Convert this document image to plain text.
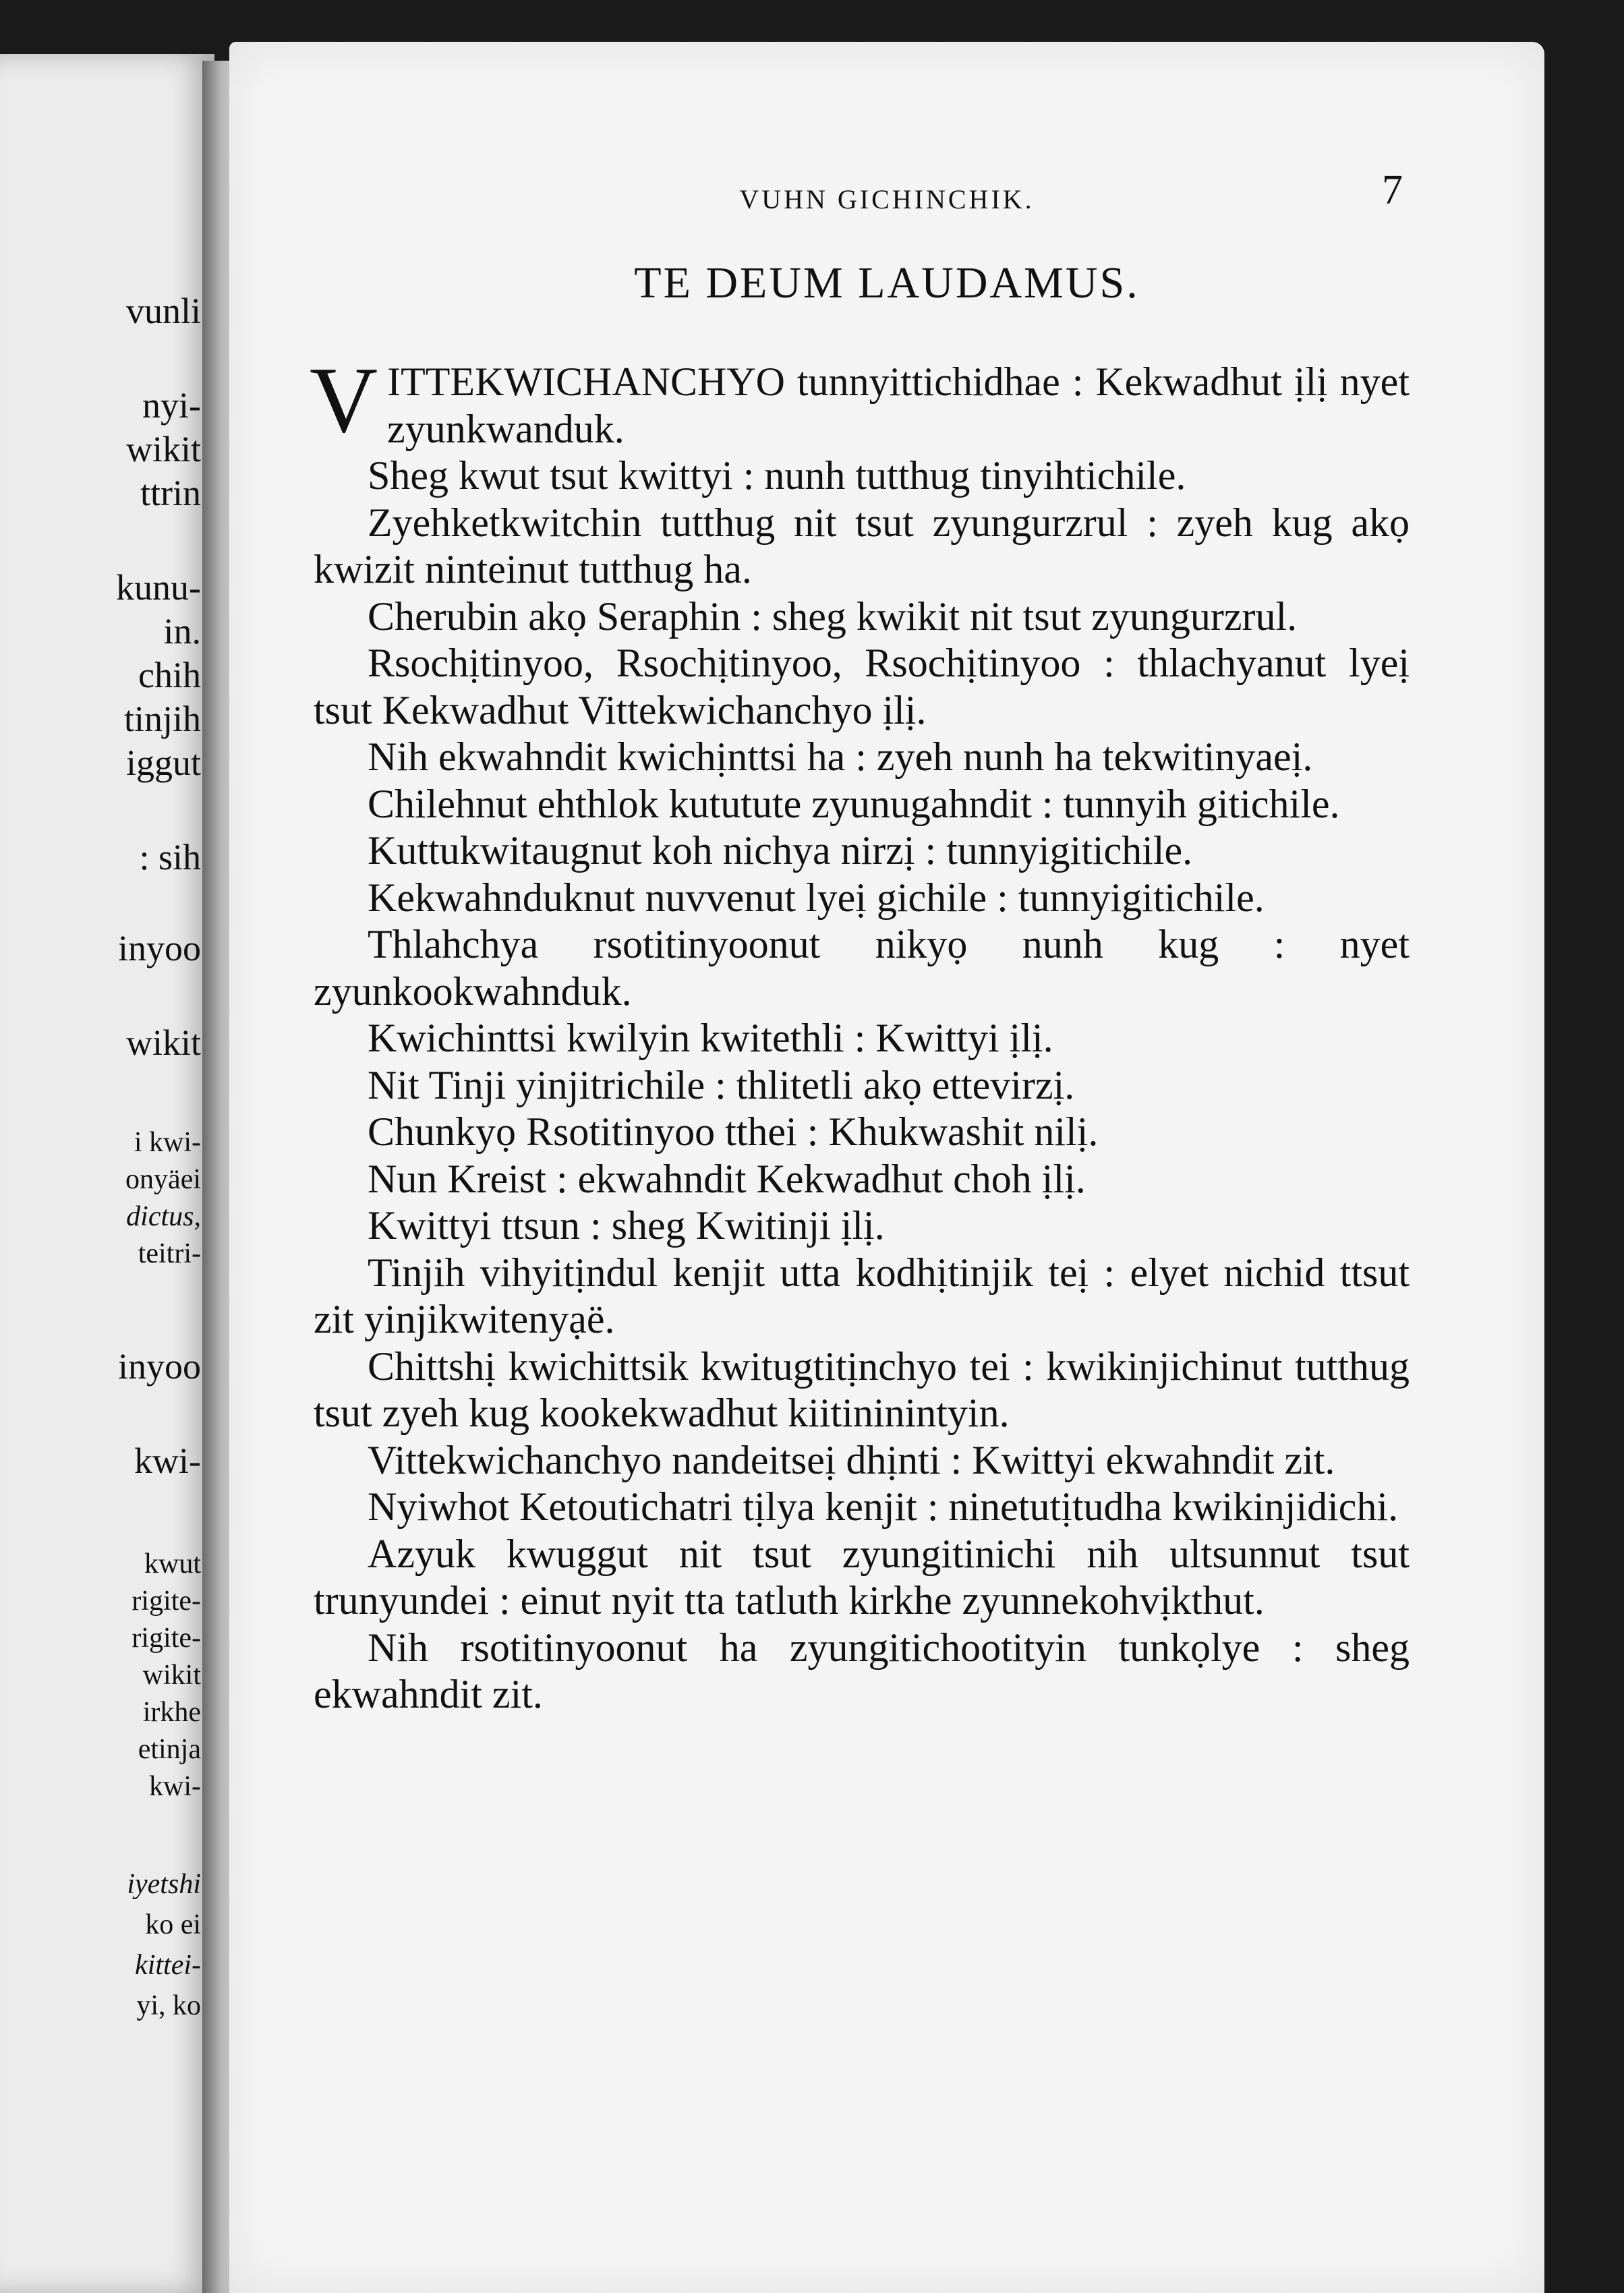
vunli
nyi-
wikit
ttrin
kunu-
in.
chih
tinjih
iggut
: sih
inyoo
wikit
i kwi-
onyäei
dictus,
teitri-
inyoo
kwi-
kwut
rigite-
rigite-
wikit
irkhe
etinja
kwi-
iyetshi
ko ei
kittei-
yi, ko
VUHN GICHINCHIK.	7
TE DEUM LAUDAMUS.

VITTEKWICHANCHYO tunnyittichidhae : Kekwadhut ịlị nyet zyunkwanduk.

Sheg kwut tsut kwittyi : nunh tutthug tinyihtichile.

Zyehketkwitchin tutthug nit tsut zyungurzrul : zyeh kug akọ kwizit ninteinut tutthug ha.

Cherubin akọ Seraphin : sheg kwikit nit tsut zyungurzrul.

Rsochịtinyoo, Rsochịtinyoo, Rsochịtinyoo : thlachyanut lyeị tsut Kekwadhut Vittekwichanchyo ịlị.

Nih ekwahndit kwichịnttsi ha : zyeh nunh ha tekwitinyaeị.

Chilehnut ehthlok kututute zyunugahndit : tunnyih gitichile.

Kuttukwitaugnut koh nichya nirzị : tunnyigitichile.

Kekwahnduknut nuvvenut lyeị gichile : tunnyigitichile.

Thlahchya rsotitinyoonut nikyọ nunh kug : nyet zyunkookwahnduk.

Kwichinttsi kwilyin kwitethli : Kwittyi ịlị.

Nit Tinji yinjitrichile : thlitetli akọ ettevirzị.

Chunkyọ Rsotitinyoo tthei : Khukwashit nilị.

Nun Kreist : ekwahndit Kekwadhut choh ịlị.

Kwittyi ttsun : sheg Kwitinji ịlị.

Tinjih vihyitịndul kenjit utta kodhịtinjik teị : elyet nichid ttsut zit yinjikwitenyạë.

Chittshị kwichittsik kwitugtitịnchyo tei : kwikinjichinut tutthug tsut zyeh kug kookekwadhut kiitininintyin.

Vittekwichanchyo nandeitseị dhịnti : Kwittyi ekwahndit zit.

Nyiwhot Ketoutichatri tịlya kenjit : ninetutịtudha kwikinjidichi.

Azyuk kwuggut nit tsut zyungitinichi nih ultsunnut tsut trunyundei : einut nyit tta tatluth kirkhe zyunnekohvịkthut.

Nih rsotitinyoonut ha zyungitichootityin tunkọlye : sheg ekwahndit zit.
